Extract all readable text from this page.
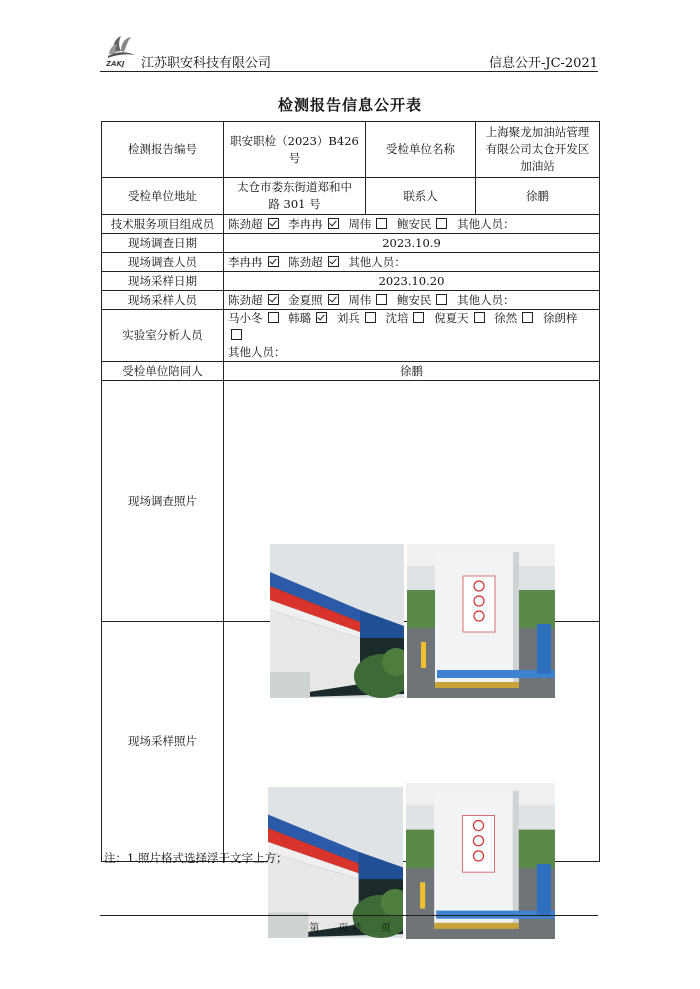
ZAKJ 江苏职安科技有限公司	信息公开-JC-2021
检测报告信息公开表
检测报告编号	职安职检（2023）B426 号	受检单位名称	上海聚龙加油站管理有限公司太仓开发区加油站
受检单位地址	太仓市娄东街道郑和中路 301 号	联系人	徐鹏
技术服务项目组成员	陈劲超 李冉冉 周伟 鲍安民 其他人员：		
现场调查日期	2023.10.9		
现场调查人员	李冉冉 陈劲超 其他人员：		
现场采样日期	2023.10.20		
现场采样人员	陈劲超 金夏照 周伟 鲍安民 其他人员：		
实验室分析人员	马小冬 韩璐 刘兵 沈培 倪夏天 徐然 徐朗梓
其他人员：		
受检单位陪同人	徐鹏		
现场调查照片	

现场采样照片	
注：1.照片格式选择浮于文字上方；
第 页 共 页
